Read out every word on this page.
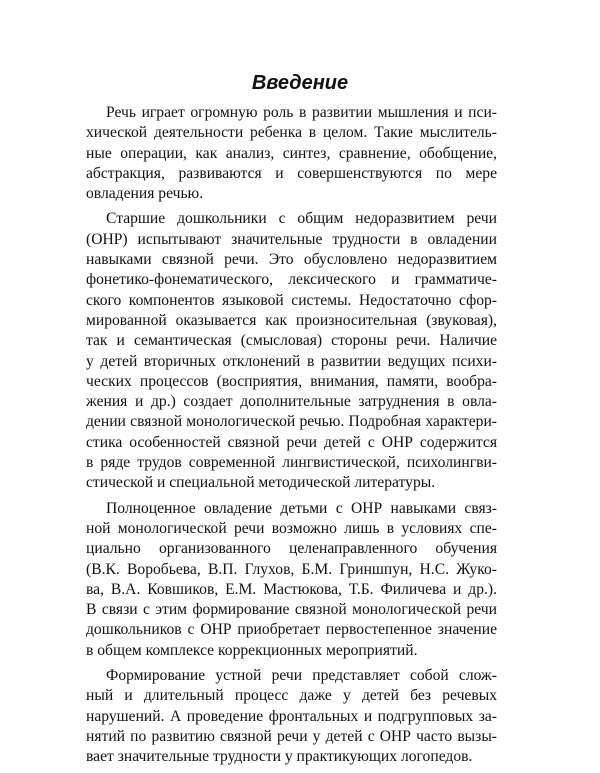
Введение
Речь играет огромную роль в развитии мышления и пси-
хической деятельности ребенка в целом. Такие мыслитель-
ные операции, как анализ, синтез, сравнение, обобщение,
абстракция, развиваются и совершенствуются по мере
овладения речью.
Старшие дошкольники с общим недоразвитием речи
(ОНР) испытывают значительные трудности в овладении
навыками связной речи. Это обусловлено недоразвитием
фонетико-фонематического, лексического и грамматиче-
ского компонентов языковой системы. Недостаточно сфор-
мированной оказывается как произносительная (звуковая),
так и семантическая (смысловая) стороны речи. Наличие
у детей вторичных отклонений в развитии ведущих психи-
ческих процессов (восприятия, внимания, памяти, вообра-
жения и др.) создает дополнительные затруднения в овла-
дении связной монологической речью. Подробная характери-
стика особенностей связной речи детей с ОНР содержится
в ряде трудов современной лингвистической, психолингви-
стической и специальной методической литературы.
Полноценное овладение детьми с ОНР навыками связ-
ной монологической речи возможно лишь в условиях спе-
циально организованного целенаправленного обучения
(В.К. Воробьева, В.П. Глухов, Б.М. Гриншпун, Н.С. Жуко-
ва, В.А. Ковшиков, Е.М. Мастюкова, Т.Б. Филичева и др.).
В связи с этим формирование связной монологической речи
дошкольников с ОНР приобретает первостепенное значение
в общем комплексе коррекционных мероприятий.
Формирование устной речи представляет собой слож-
ный и длительный процесс даже у детей без речевых
нарушений. А проведение фронтальных и подгрупповых за-
нятий по развитию связной речи у детей с ОНР часто вызы-
вает значительные трудности у практикующих логопедов.
